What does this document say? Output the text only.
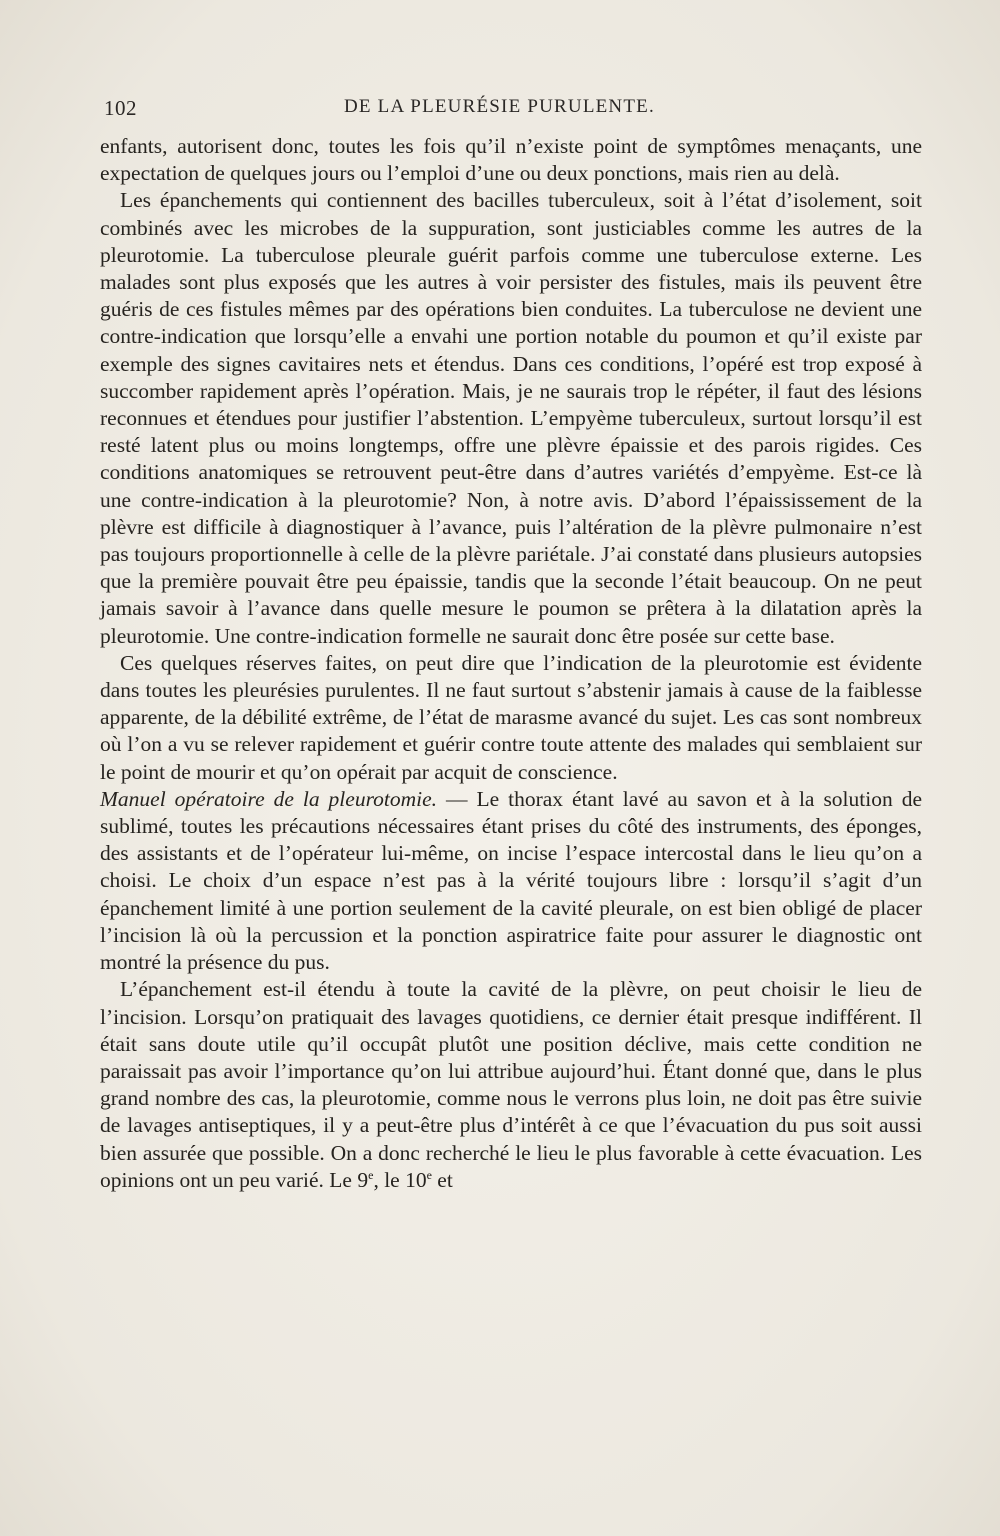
102	DE LA PLEURÉSIE PURULENTE.

enfants, autorisent donc, toutes les fois qu’il n’existe point de symptômes menaçants, une expectation de quelques jours ou l’emploi d’une ou deux ponctions, mais rien au delà.

Les épanchements qui contiennent des bacilles tuberculeux, soit à l’état d’isolement, soit combinés avec les microbes de la suppuration, sont justiciables comme les autres de la pleurotomie. La tuberculose pleurale guérit parfois comme une tuberculose externe. Les malades sont plus exposés que les autres à voir persister des fistules, mais ils peuvent être guéris de ces fistules mêmes par des opérations bien conduites. La tuberculose ne devient une contre-indication que lorsqu’elle a envahi une portion notable du poumon et qu’il existe par exemple des signes cavitaires nets et étendus. Dans ces conditions, l’opéré est trop exposé à succomber rapidement après l’opération. Mais, je ne saurais trop le répéter, il faut des lésions reconnues et étendues pour justifier l’abstention. L’empyème tuberculeux, surtout lorsqu’il est resté latent plus ou moins longtemps, offre une plèvre épaissie et des parois rigides. Ces conditions anatomiques se retrouvent peut-être dans d’autres variétés d’empyème. Est-ce là une contre-indication à la pleurotomie? Non, à notre avis. D’abord l’épaississement de la plèvre est difficile à diagnostiquer à l’avance, puis l’altération de la plèvre pulmonaire n’est pas toujours proportionnelle à celle de la plèvre pariétale. J’ai constaté dans plusieurs autopsies que la première pouvait être peu épaissie, tandis que la seconde l’était beaucoup. On ne peut jamais savoir à l’avance dans quelle mesure le poumon se prêtera à la dilatation après la pleurotomie. Une contre-indication formelle ne saurait donc être posée sur cette base.

Ces quelques réserves faites, on peut dire que l’indication de la pleurotomie est évidente dans toutes les pleurésies purulentes. Il ne faut surtout s’abstenir jamais à cause de la faiblesse apparente, de la débilité extrême, de l’état de marasme avancé du sujet. Les cas sont nombreux où l’on a vu se relever rapidement et guérir contre toute attente des malades qui semblaient sur le point de mourir et qu’on opérait par acquit de conscience.

Manuel opératoire de la pleurotomie. — Le thorax étant lavé au savon et à la solution de sublimé, toutes les précautions nécessaires étant prises du côté des instruments, des éponges, des assistants et de l’opérateur lui-même, on incise l’espace intercostal dans le lieu qu’on a choisi. Le choix d’un espace n’est pas à la vérité toujours libre : lorsqu’il s’agit d’un épanchement limité à une portion seulement de la cavité pleurale, on est bien obligé de placer l’incision là où la percussion et la ponction aspiratrice faite pour assurer le diagnostic ont montré la présence du pus.

L’épanchement est-il étendu à toute la cavité de la plèvre, on peut choisir le lieu de l’incision. Lorsqu’on pratiquait des lavages quotidiens, ce dernier était presque indifférent. Il était sans doute utile qu’il occupât plutôt une position déclive, mais cette condition ne paraissait pas avoir l’importance qu’on lui attribue aujourd’hui. Étant donné que, dans le plus grand nombre des cas, la pleurotomie, comme nous le verrons plus loin, ne doit pas être suivie de lavages antiseptiques, il y a peut-être plus d’intérêt à ce que l’évacuation du pus soit aussi bien assurée que possible. On a donc recherché le lieu le plus favorable à cette évacuation. Les opinions ont un peu varié. Le 9e, le 10e et
